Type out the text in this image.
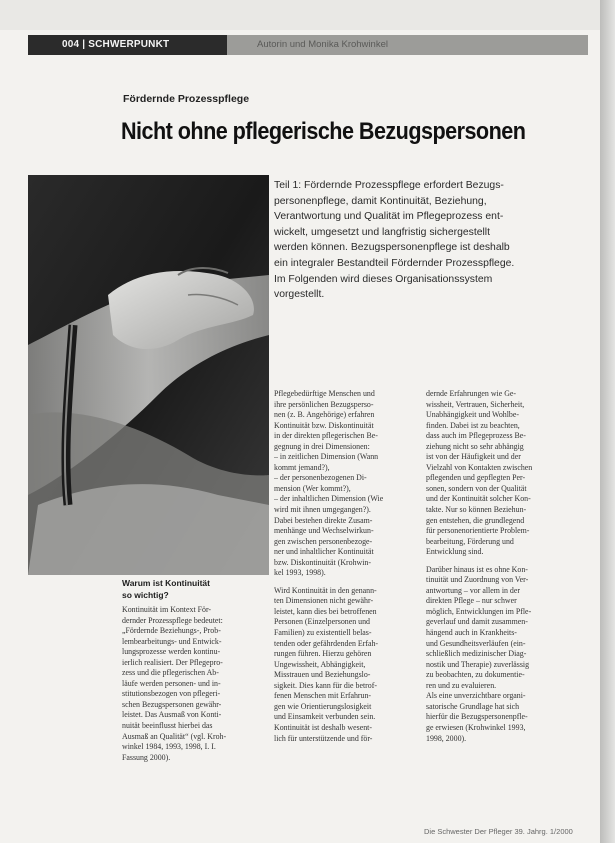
004 | SCHWERPUNKT	Autorin und Monika Krohwinkel
Fördernde Prozesspflege
Nicht ohne pflegerische Bezugspersonen
Teil 1: Fördernde Prozesspflege erfordert Bezugs-
personenpflege, damit Kontinuität, Beziehung,
Verantwortung und Qualität im Pflegeprozess ent-
wickelt, umgesetzt und langfristig sichergestellt
werden können. Bezugspersonenpflege ist deshalb
ein integraler Bestandteil Fördernder Prozesspflege.
Im Folgenden wird dieses Organisationssystem
vorgestellt.
Warum ist Kontinuität
so wichtig?
Kontinuität im Kontext För-
dernder Prozesspflege bedeutet:
„Fördernde Beziehungs-, Prob-
lembearbeitungs- und Entwick-
lungsprozesse werden kontinu-
ierlich realisiert. Der Pflegepro-
zess und die pflegerischen Ab-
läufe werden personen- und in-
stitutionsbezogen von pflegeri-
schen Bezugspersonen gewähr-
leistet. Das Ausmaß von Konti-
nuität beeinflusst hierbei das
Ausmaß an Qualität“ (vgl. Kroh-
winkel 1984, 1993, 1998, I. I.
Fassung 2000).
Pflegebedürftige Menschen und
ihre persönlichen Bezugsperso-
nen (z. B. Angehörige) erfahren
Kontinuität bzw. Diskontinuität
in der direkten pflegerischen Be-
gegnung in drei Dimensionen:
– in zeitlichen Dimension (Wann
kommt jemand?),
– der personenbezogenen Di-
mension (Wer kommt?),
– der inhaltlichen Dimension (Wie
wird mit ihnen umgegangen?).
Dabei bestehen direkte Zusam-
menhänge und Wechselwirkun-
gen zwischen personenbezoge-
ner und inhaltlicher Kontinuität
bzw. Diskontinuität (Krohwin-
kel 1993, 1998).
Wird Kontinuität in den genann-
ten Dimensionen nicht gewähr-
leistet, kann dies bei betroffenen
Personen (Einzelpersonen und
Familien) zu existentiell belas-
tenden oder gefährdenden Erfah-
rungen führen. Hierzu gehören
Ungewissheit, Abhängigkeit,
Misstrauen und Beziehungslo-
sigkeit. Dies kann für die betrof-
fenen Menschen mit Erfahrun-
gen wie Orientierungslosigkeit
und Einsamkeit verbunden sein.
Kontinuität ist deshalb wesent-
lich für unterstützende und för-
dernde Erfahrungen wie Ge-
wissheit, Vertrauen, Sicherheit,
Unabhängigkeit und Wohlbe-
finden. Dabei ist zu beachten,
dass auch im Pflegeprozess Be-
ziehung nicht so sehr abhängig
ist von der Häufigkeit und der
Vielzahl von Kontakten zwischen
pflegenden und gepflegten Per-
sonen, sondern von der Qualität
und der Kontinuität solcher Kon-
takte. Nur so können Beziehun-
gen entstehen, die grundlegend
für personenorientierte Problem-
bearbeitung, Förderung und
Entwicklung sind.
Darüber hinaus ist es ohne Kon-
tinuität und Zuordnung von Ver-
antwortung – vor allem in der
direkten Pflege – nur schwer
möglich, Entwicklungen im Pfle-
geverlauf und damit zusammen-
hängend auch in Krankheits-
und Gesundheitsverläufen (ein-
schließlich medizinischer Diag-
nostik und Therapie) zuverlässig
zu beobachten, zu dokumentie-
ren und zu evaluieren.
Als eine unverzichtbare organi-
satorische Grundlage hat sich
hierfür die Bezugspersonenpfle-
ge erwiesen (Krohwinkel 1993,
1998, 2000).
Die Schwester Der Pfleger 39. Jahrg. 1/2000
